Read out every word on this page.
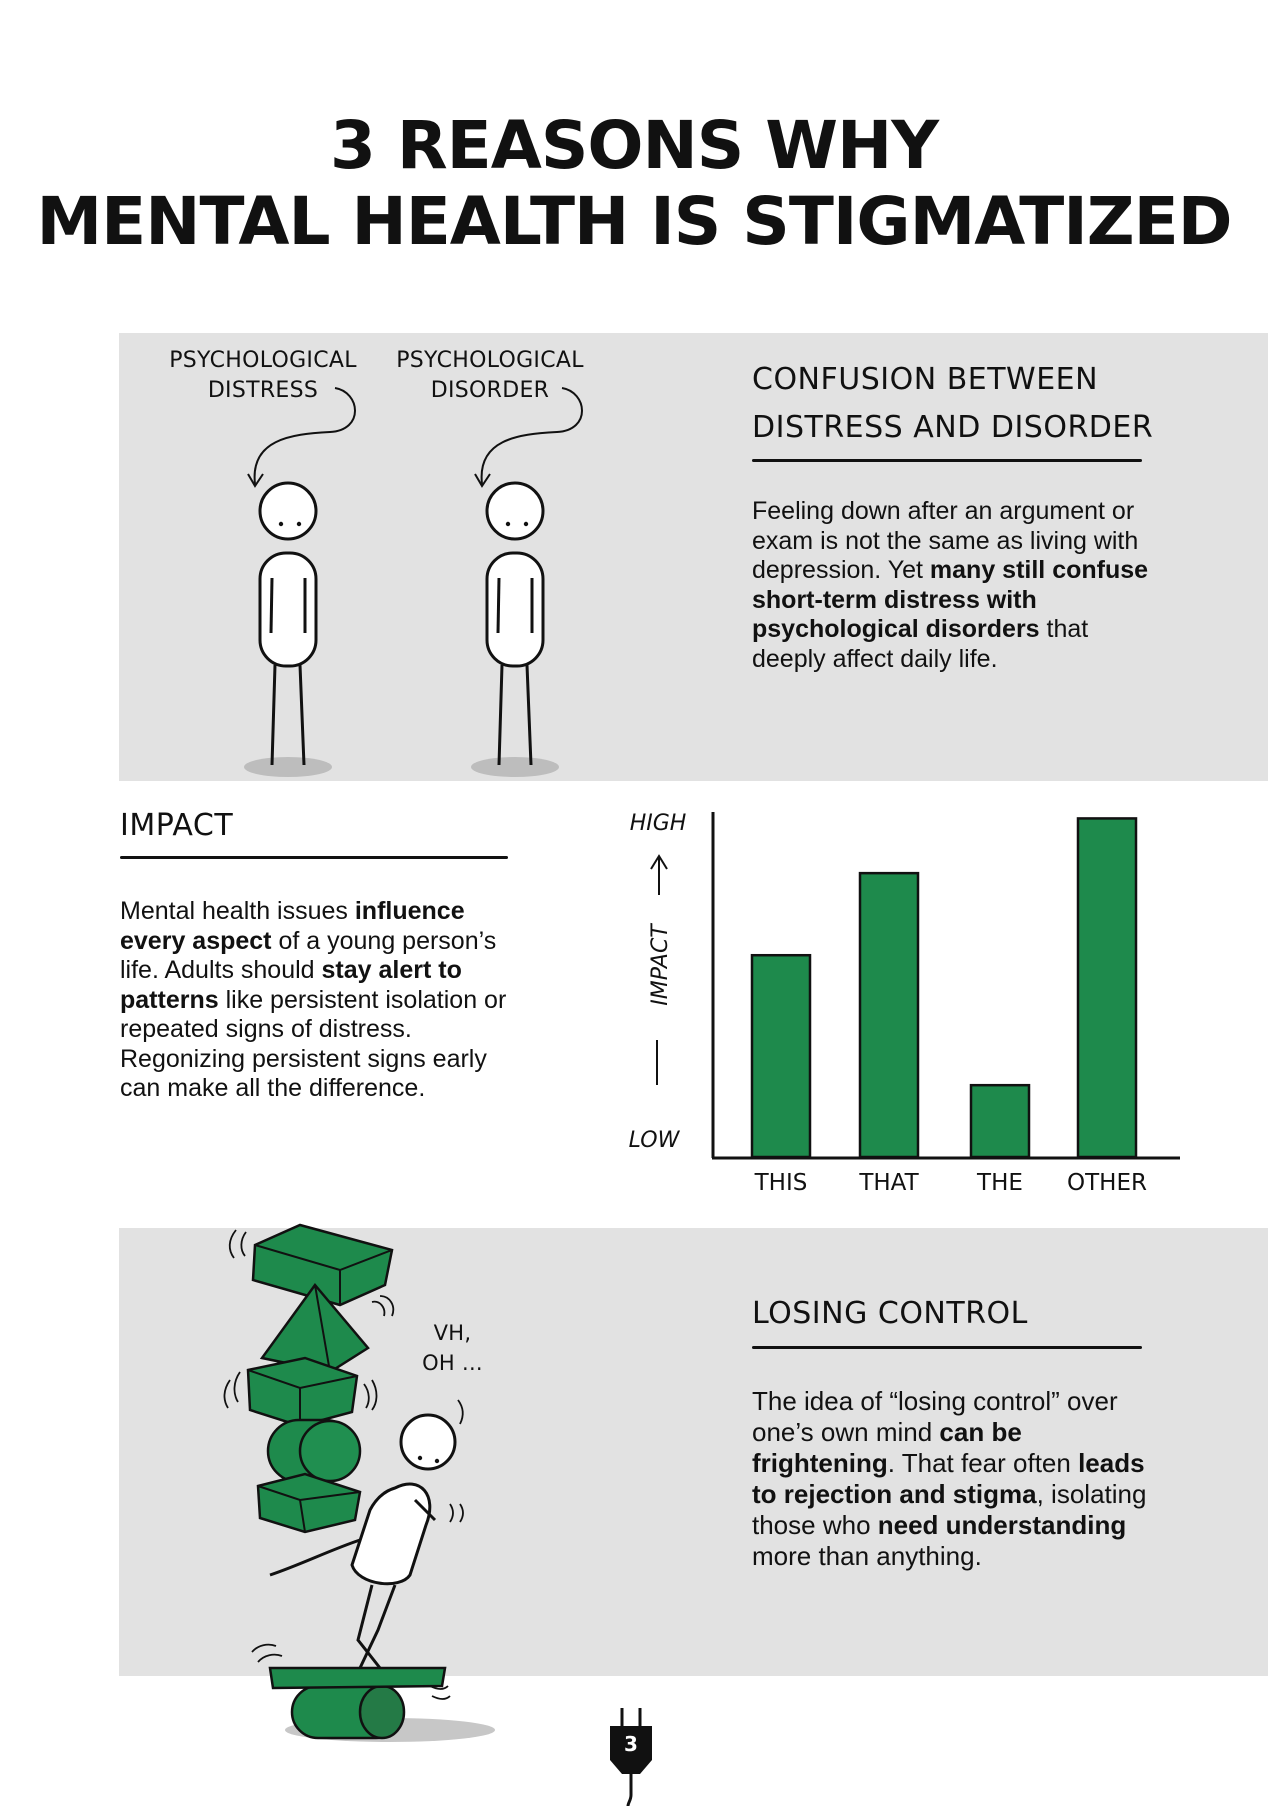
3 REASONS WHY
MENTAL HEALTH IS STIGMATIZED
PSYCHOLOGICAL
DISTRESS
PSYCHOLOGICAL
DISORDER	CONFUSION BETWEEN
DISTRESS AND DISORDER
Feeling down after an argument or exam is not the same as living with depression. Yet many still confuse short-term distress with psychological disorders that deeply affect daily life.
IMPACT
Mental health issues influence every aspect of a young person’s life. Adults should stay alert to patterns like persistent isolation or repeated signs of distress. Regonizing persistent signs early can make all the difference.
HIGH
LOW
IMPACT
THIS THAT	THE OTHER
VH,
OH ...
LOSING CONTROL
The idea of “losing control” over one’s own mind can be frightening. That fear often leads to rejection and stigma, isolating those who need understanding more than anything.
3
